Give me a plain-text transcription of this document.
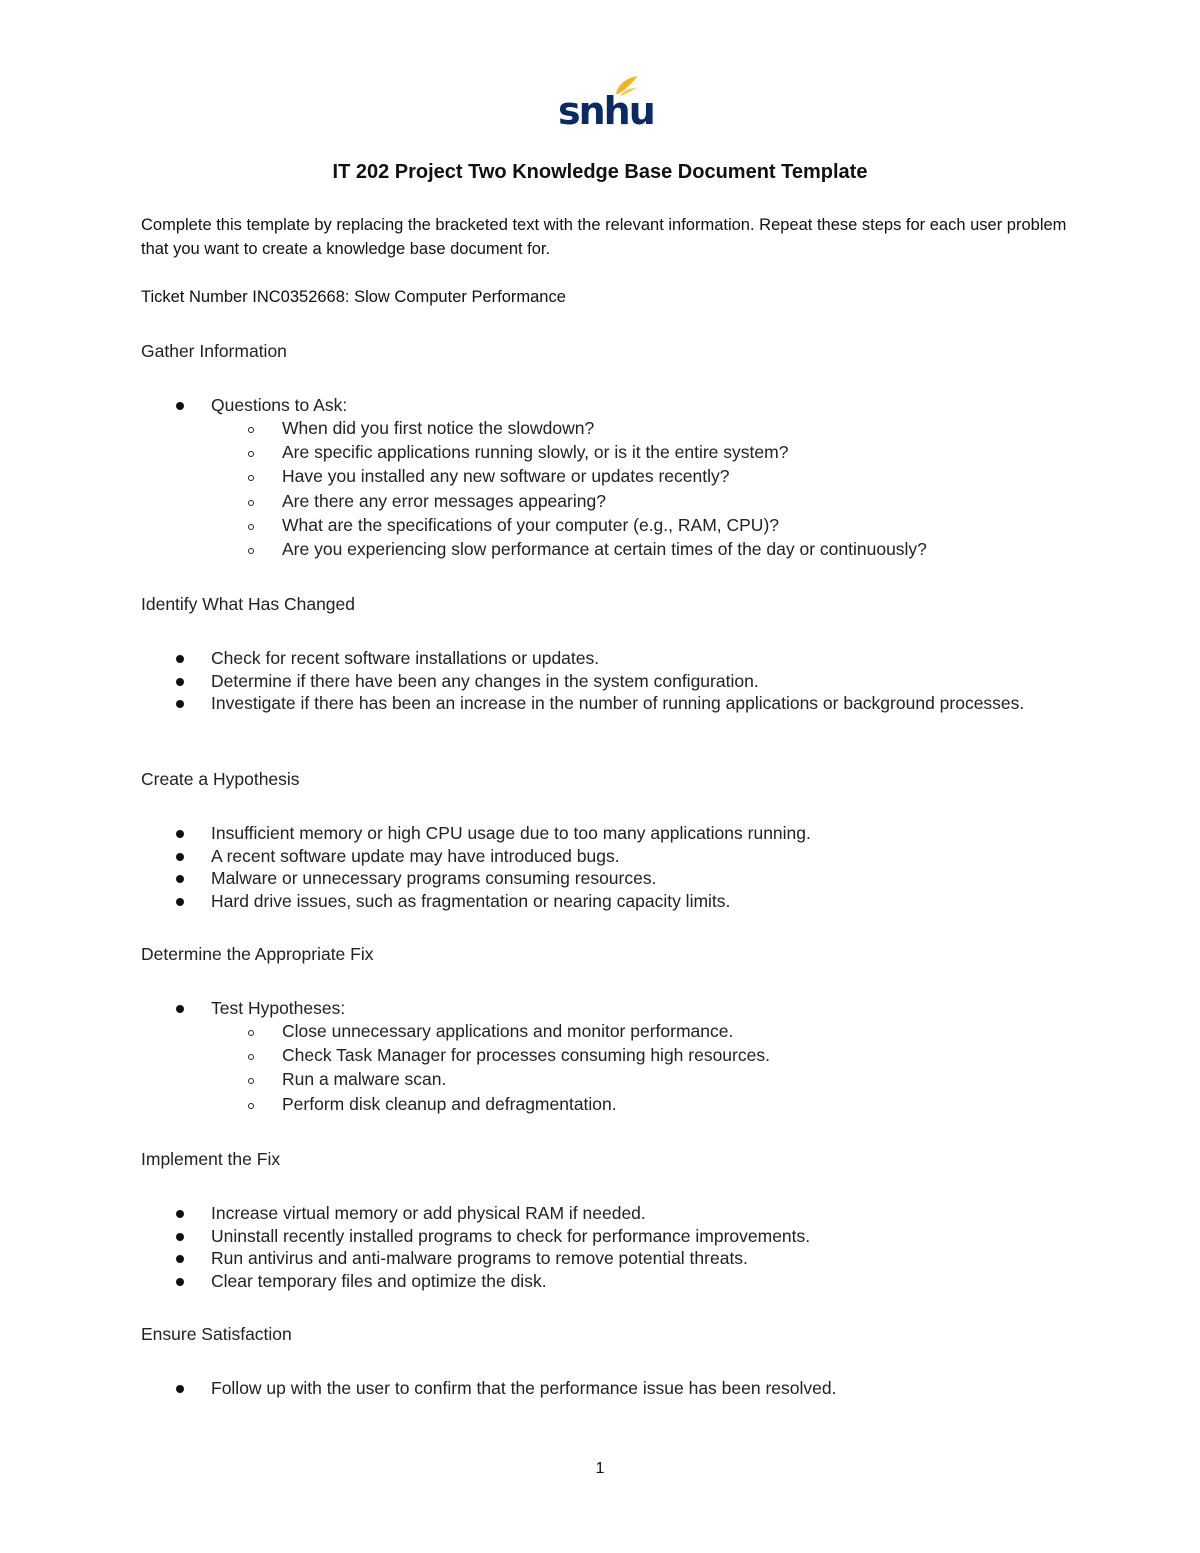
snhu
IT 202 Project Two Knowledge Base Document Template
Complete this template by replacing the bracketed text with the relevant information. Repeat these steps for each user problem that you want to create a knowledge base document for.
Ticket Number INC0352668: Slow Computer Performance
Gather Information
Questions to Ask:
When did you first notice the slowdown?
Are specific applications running slowly, or is it the entire system?
Have you installed any new software or updates recently?
Are there any error messages appearing?
What are the specifications of your computer (e.g., RAM, CPU)?
Are you experiencing slow performance at certain times of the day or continuously?
Identify What Has Changed
Check for recent software installations or updates.
Determine if there have been any changes in the system configuration.
Investigate if there has been an increase in the number of running applications or background processes.
Create a Hypothesis
Insufficient memory or high CPU usage due to too many applications running.
A recent software update may have introduced bugs.
Malware or unnecessary programs consuming resources.
Hard drive issues, such as fragmentation or nearing capacity limits.
Determine the Appropriate Fix
Test Hypotheses:
Close unnecessary applications and monitor performance.
Check Task Manager for processes consuming high resources.
Run a malware scan.
Perform disk cleanup and defragmentation.
Implement the Fix
Increase virtual memory or add physical RAM if needed.
Uninstall recently installed programs to check for performance improvements.
Run antivirus and anti-malware programs to remove potential threats.
Clear temporary files and optimize the disk.
Ensure Satisfaction
Follow up with the user to confirm that the performance issue has been resolved.
1
